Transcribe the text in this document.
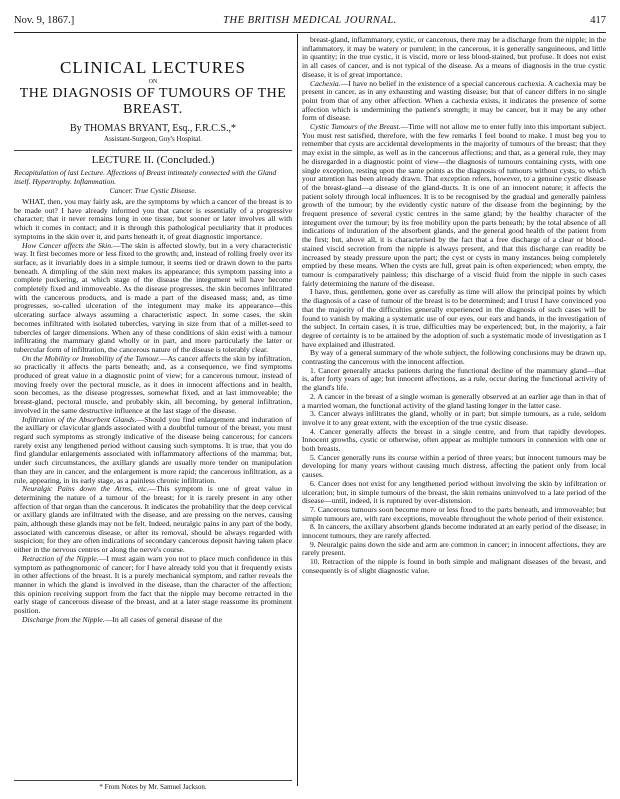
Nov. 9, 1867.]	THE BRITISH MEDICAL JOURNAL.	417
CLINICAL LECTURES
ON
THE DIAGNOSIS OF TUMOURS OF THE
BREAST.
By THOMAS BRYANT, Esq., F.R.C.S.,*
Assistant-Surgeon, Guy's Hospital.
LECTURE II. (Concluded.)
Recapitulation of last Lecture. Affections of Breast intimately connected with the Gland itself. Hypertrophy. Inflammation.
Cancer. True Cystic Disease.

WHAT, then, you may fairly ask, are the symptoms by which a cancer of the breast is to be made out? I have already informed you that cancer is essentially of a progressive character; that it never remains long in one tissue, but sooner or later involves all with which it comes in contact; and it is through this pathological peculiarity that it produces symptoms in the skin over it, and parts beneath it, of great diagnostic importance.

How Cancer affects the Skin.—The skin is affected slowly, but in a very characteristic way. It first becomes more or less fixed to the growth; and, instead of rolling freely over its surface, as it invariably does in a simple tumour, it seems tied or drawn down to the parts beneath. A dimpling of the skin next makes its appearance; this symptom passing into a complete puckering, at which stage of the disease the integument will have become completely fixed and immoveable. As the disease progresses, the skin becomes infiltrated with the cancerous products, and is made a part of the diseased mass; and, as time progresses, so-called ulceration of the integument may make its appearance—this ulcerating surface always assuming a characteristic aspect. In some cases, the skin becomes infiltrated with isolated tubercles, varying in size from that of a millet-seed to tubercles of larger dimensions. When any of these conditions of skin exist with a tumour infiltrating the mammary gland wholly or in part, and more particularly the latter or tubercular form of infiltration, the cancerous nature of the disease is tolerably clear.

On the Mobility or Immobility of the Tumour.—As cancer affects the skin by infiltration, so practically it affects the parts beneath; and, as a consequence, we find symptoms produced of great value in a diagnostic point of view; for a cancerous tumour, instead of moving freely over the pectoral muscle, as it does in innocent affections and in health, soon becomes, as the disease progresses, somewhat fixed, and at last immoveable; the breast-gland, pectoral muscle, and probably skin, all becoming, by general infiltration, involved in the same destructive influence at the last stage of the disease.

Infiltration of the Absorbent Glands.—Should you find enlargement and induration of the axillary or clavicular glands associated with a doubtful tumour of the breast, you must regard such symptoms as strongly indicative of the disease being cancerous; for cancers rarely exist any lengthened period without causing such symptoms. It is true, that you do find glandular enlargements associated with inflammatory affections of the mamma; but, under such circumstances, the axillary glands are usually more tender on manipulation than they are in cancer, and the enlargement is more rapid; the cancerous infiltration, as a rule, appearing, in its early stage, as a painless chronic infiltration.

Neuralgic Pains down the Arms, etc.—This symptom is one of great value in determining the nature of a tumour of the breast; for it is rarely present in any other affection of that organ than the cancerous. It indicates the probability that the deep cervical or axillary glands are infiltrated with the disease, and are pressing on the nerves, causing pain, although these glands may not be felt. Indeed, neuralgic pains in any part of the body, associated with cancerous disease, or after its removal, should be always regarded with suspicion; for they are often indications of secondary cancerous deposit having taken place either in the nervous centres or along the nerve's course.

Retraction of the Nipple.—I must again warn you not to place much confidence in this symptom as pathognomonic of cancer; for I have already told you that it frequently exists in other affections of the breast. It is a purely mechanical symptom, and rather reveals the manner in which the gland is involved in the disease, than the character of the affection; this opinion receiving support from the fact that the nipple may become retracted in the early stage of cancerous disease of the breast, and at a later stage reassume its prominent position.

Discharge from the Nipple.—In all cases of general disease of the

* From Notes by Mr. Samuel Jackson.

breast-gland, inflammatory, cystic, or cancerous, there may be a discharge from the nipple; in the inflammatory, it may be watery or purulent; in the cancerous, it is generally sanguineous, and little in quantity; in the true cystic, it is viscid, more or less blood-stained, but profuse. It does not exist in all cases of cancer, and is not typical of the disease. As a means of diagnosis in the true cystic disease, it is of great importance.

Cachexia.—I have no belief in the existence of a special cancerous cachexia. A cachexia may be present in cancer, as in any exhausting and wasting disease; but that of cancer differs in no single point from that of any other affection. When a cachexia exists, it indicates the presence of some affection which is undermining the patient's strength; it may be cancer, but it may be any other form of disease.

Cystic Tumours of the Breast.—Time will not allow me to enter fully into this important subject. You must rest satisfied, therefore, with the few remarks I feel bound to make. I must beg you to remember that cysts are accidental developments in the majority of tumours of the breast; that they may exist in the simple, as well as in the cancerous affections; and that, as a general rule, they may be disregarded in a diagnostic point of view—the diagnosis of tumours containing cysts, with one single exception, resting upon the same points as the diagnosis of tumours without cysts, to which your attention has been already drawn. That exception refers, however, to a genuine cystic disease of the breast-gland—a disease of the gland-ducts. It is one of an innocent nature; it affects the patient solely through local influences. It is to be recognised by the gradual and generally painless growth of the tumour; by the evidently cystic nature of the disease from the beginning; by the frequent presence of several cystic centres in the same gland; by the healthy character of the integument over the tumour; by its free mobility upon the parts beneath; by the total absence of all indications of induration of the absorbent glands, and the general good health of the patient from the first; but, above all, it is characterised by the fact that a free discharge of a clear or blood-stained viscid secretion from the nipple is always present, and that this discharge can readily be increased by steady pressure upon the part; the cyst or cysts in many instances being completely emptied by these means. When the cysts are full, great pain is often experienced; when empty, the tumour is comparatively painless; this discharge of a viscid fluid from the nipple in such cases fairly determining the nature of the disease.

I have, thus, gentlemen, gone over as carefully as time will allow the principal points by which the diagnosis of a case of tumour of the breast is to be determined; and I trust I have convinced you that the majority of the difficulties generally experienced in the diagnosis of such cases will be found to vanish by making a systematic use of our eyes, our ears and hands, in the investigation of the subject. In certain cases, it is true, difficulties may be experienced; but, in the majority, a fair degree of certainty is to be attained by the adoption of such a systematic mode of investigation as I have explained and illustrated.

By way of a general summary of the whole subject, the following conclusions may be drawn up, contrasting the cancerous with the innocent affection.

1. Cancer generally attacks patients during the functional decline of the mammary gland—that is, after forty years of age; but innocent affections, as a rule, occur during the functional activity of the gland's life.

2. A cancer in the breast of a single woman is generally observed at an earlier age than in that of a married woman, the functional activity of the gland lasting longer in the latter case.

3. Cancer always infiltrates the gland, wholly or in part; but simple tumours, as a rule, seldom involve it to any great extent, with the exception of the true cystic disease.

4. Cancer generally affects the breast in a single centre, and from that rapidly developes. Innocent growths, cystic or otherwise, often appear as multiple tumours in connexion with one or both breasts.

5. Cancer generally runs its course within a period of three years; but innocent tumours may be developing for many years without causing much distress, affecting the patient only from local causes.

6. Cancer does not exist for any lengthened period without involving the skin by infiltration or ulceration; but, in simple tumours of the breast, the skin remains uninvolved to a late period of the disease—until, indeed, it is ruptured by over-distension.

7. Cancerous tumours soon become more or less fixed to the parts beneath, and immoveable; but simple tumours are, with rare exceptions, moveable throughout the whole period of their existence.

8. In cancers, the axillary absorbent glands become indurated at an early period of the disease; in innocent tumours, they are rarely affected.

9. Neuralgic pains down the side and arm are common in cancer; in innocent affections, they are rarely present.

10. Retraction of the nipple is found in both simple and malignant diseases of the breast, and consequently is of slight diagnostic value.
